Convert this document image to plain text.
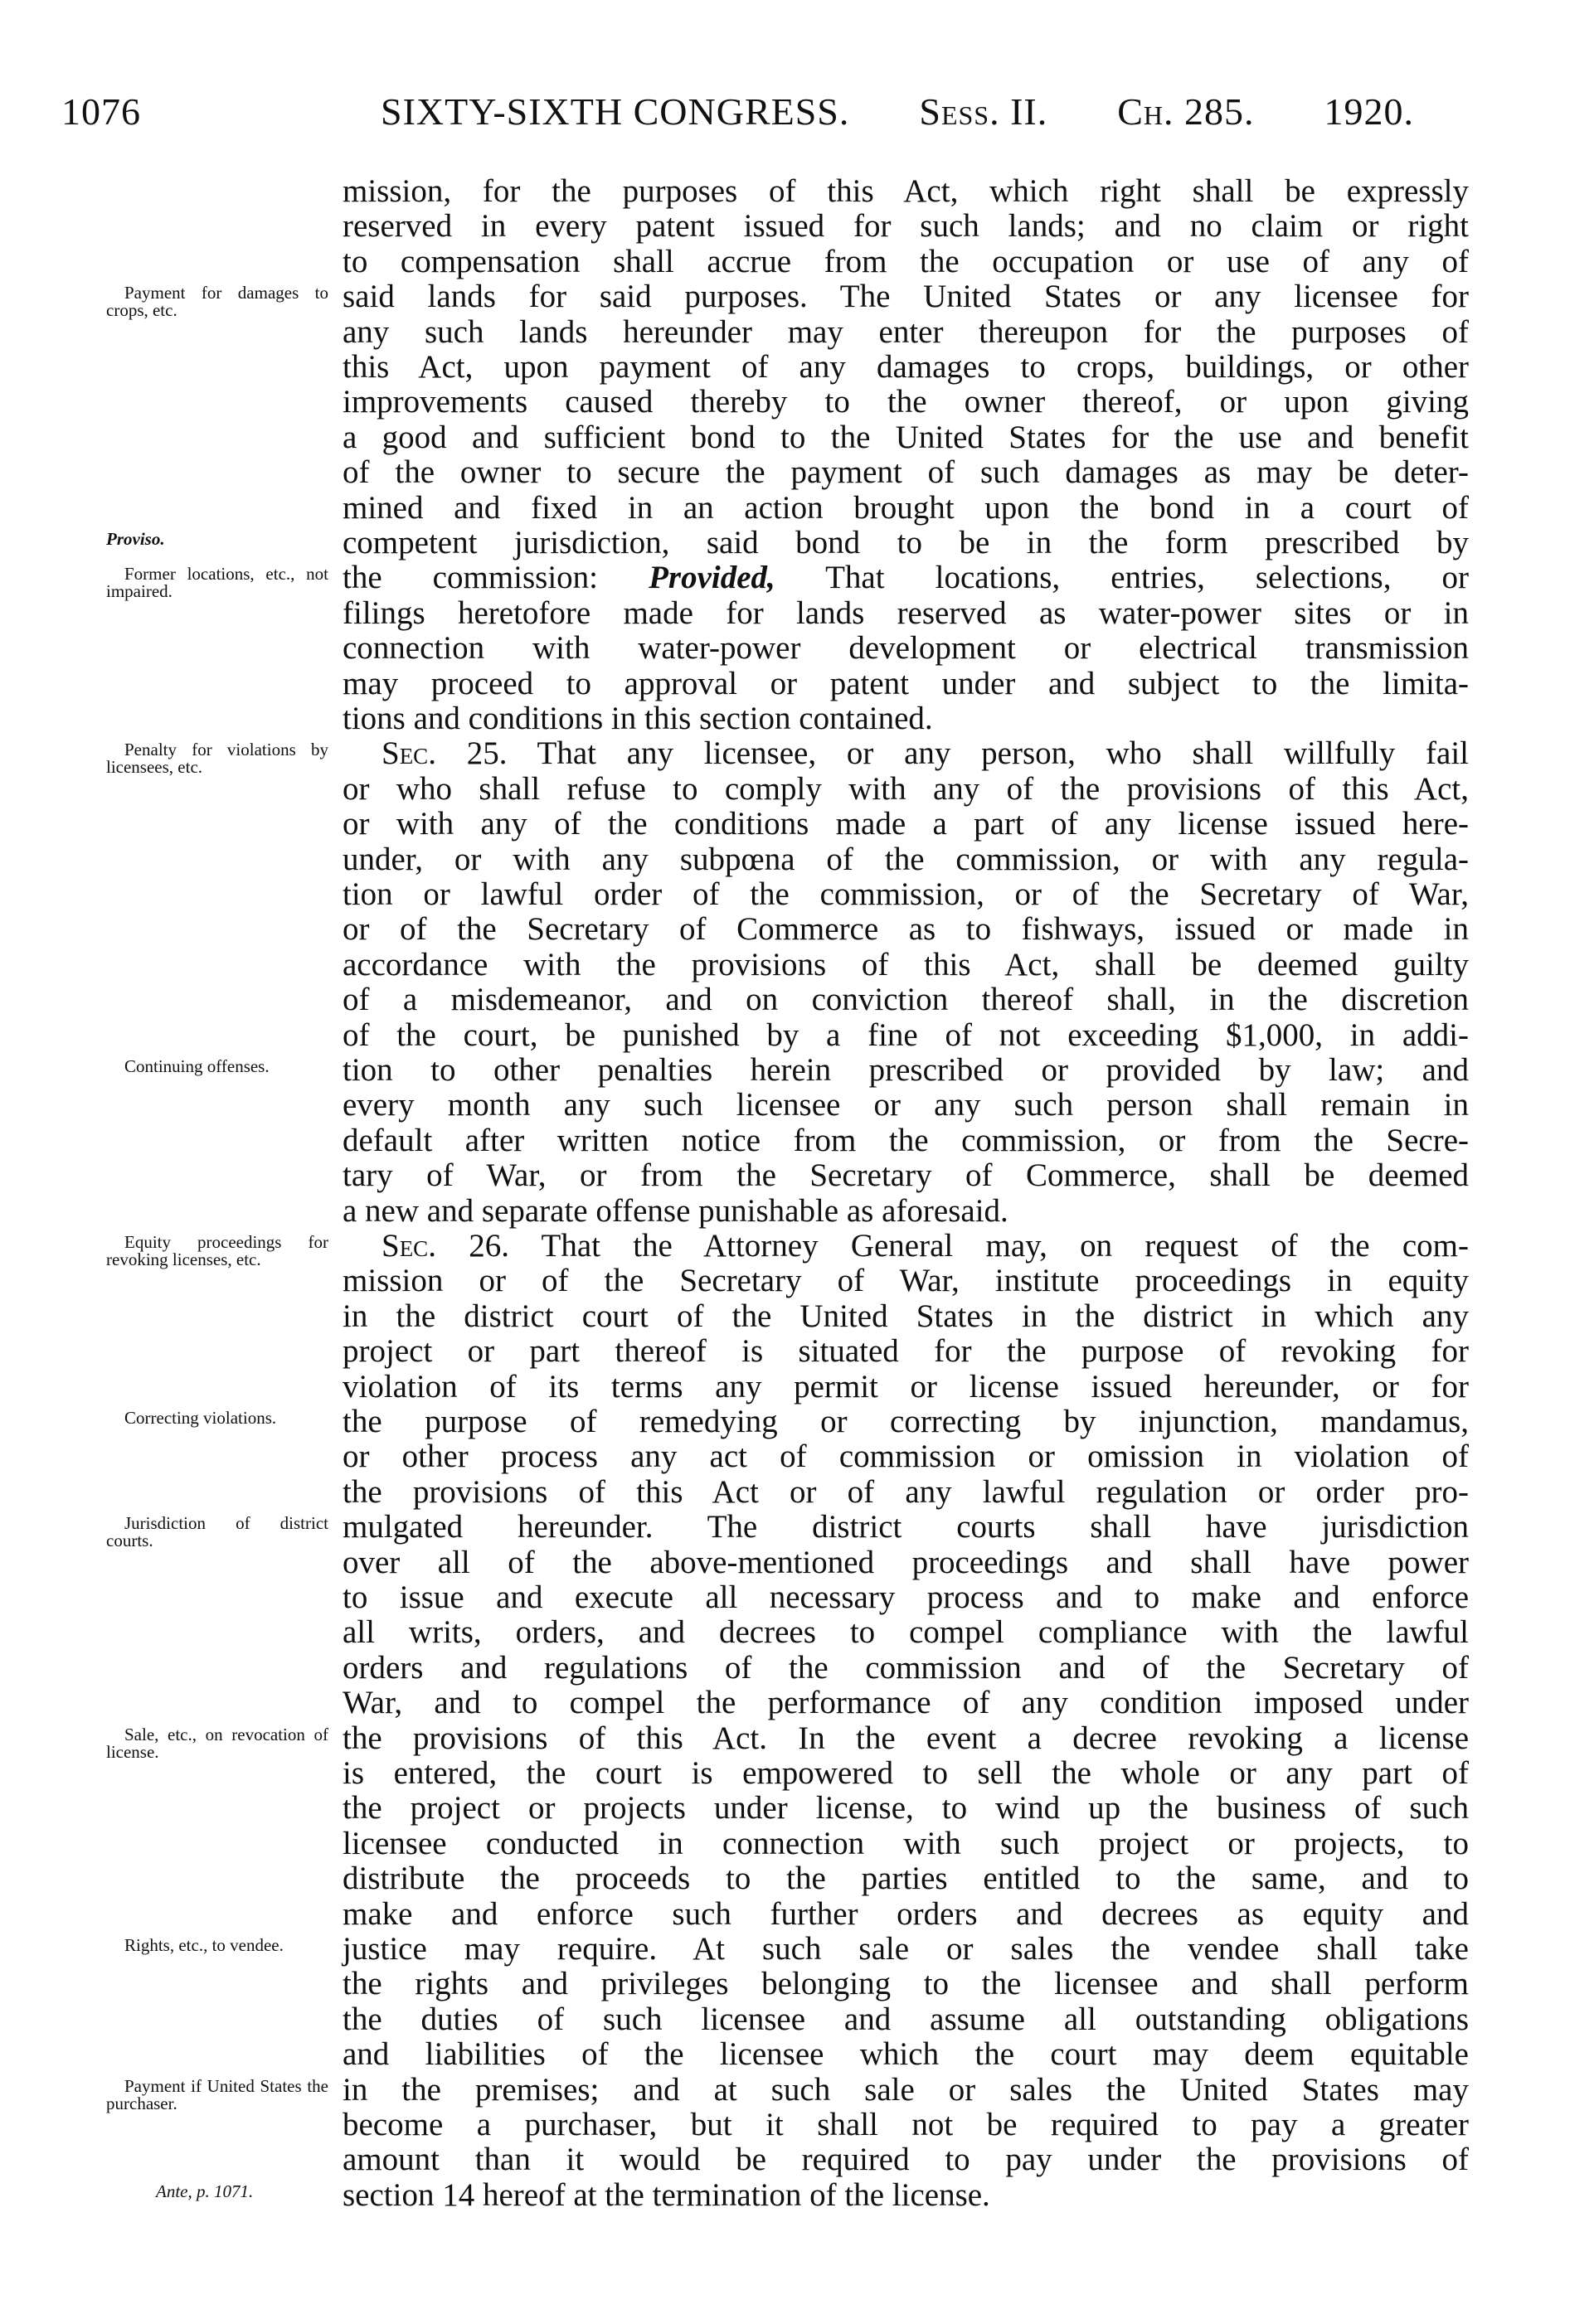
1076	SIXTY-SIXTH CONGRESS. Sess. II. Ch. 285. 1920.
mission, for the purposes of this Act, which right shall be expressly
reserved in every patent issued for such lands; and no claim or right
to compensation shall accrue from the occupation or use of any of
said lands for said purposes. The United States or any licensee for
any such lands hereunder may enter thereupon for the purposes of
this Act, upon payment of any damages to crops, buildings, or other
improvements caused thereby to the owner thereof, or upon giving
a good and sufficient bond to the United States for the use and benefit
of the owner to secure the payment of such damages as may be deter-
mined and fixed in an action brought upon the bond in a court of
competent jurisdiction, said bond to be in the form prescribed by
the commission: Provided, That locations, entries, selections, or
filings heretofore made for lands reserved as water-power sites or in
connection with water-power development or electrical transmission
may proceed to approval or patent under and subject to the limita-
tions and conditions in this section contained.
Sec. 25. That any licensee, or any person, who shall willfully fail
or who shall refuse to comply with any of the provisions of this Act,
or with any of the conditions made a part of any license issued here-
under, or with any subpœna of the commission, or with any regula-
tion or lawful order of the commission, or of the Secretary of War,
or of the Secretary of Commerce as to fishways, issued or made in
accordance with the provisions of this Act, shall be deemed guilty
of a misdemeanor, and on conviction thereof shall, in the discretion
of the court, be punished by a fine of not exceeding $1,000, in addi-
tion to other penalties herein prescribed or provided by law; and
every month any such licensee or any such person shall remain in
default after written notice from the commission, or from the Secre-
tary of War, or from the Secretary of Commerce, shall be deemed
a new and separate offense punishable as aforesaid.
Sec. 26. That the Attorney General may, on request of the com-
mission or of the Secretary of War, institute proceedings in equity
in the district court of the United States in the district in which any
project or part thereof is situated for the purpose of revoking for
violation of its terms any permit or license issued hereunder, or for
the purpose of remedying or correcting by injunction, mandamus,
or other process any act of commission or omission in violation of
the provisions of this Act or of any lawful regulation or order pro-
mulgated hereunder. The district courts shall have jurisdiction
over all of the above-mentioned proceedings and shall have power
to issue and execute all necessary process and to make and enforce
all writs, orders, and decrees to compel compliance with the lawful
orders and regulations of the commission and of the Secretary of
War, and to compel the performance of any condition imposed under
the provisions of this Act. In the event a decree revoking a license
is entered, the court is empowered to sell the whole or any part of
the project or projects under license, to wind up the business of such
licensee conducted in connection with such project or projects, to
distribute the proceeds to the parties entitled to the same, and to
make and enforce such further orders and decrees as equity and
justice may require. At such sale or sales the vendee shall take
the rights and privileges belonging to the licensee and shall perform
the duties of such licensee and assume all outstanding obligations
and liabilities of the licensee which the court may deem equitable
in the premises; and at such sale or sales the United States may
become a purchaser, but it shall not be required to pay a greater
amount than it would be required to pay under the provisions of
section 14 hereof at the termination of the license.
Payment for damages to crops, etc.
Proviso.
Former locations, etc., not impaired.
Penalty for violations by licensees, etc.
Continuing offenses.
Equity proceedings for revoking licenses, etc.
Correcting violations.
Jurisdiction of district courts.
Sale, etc., on revocation of license.
Rights, etc., to vendee.
Payment if United States the purchaser.
Ante, p. 1071.
